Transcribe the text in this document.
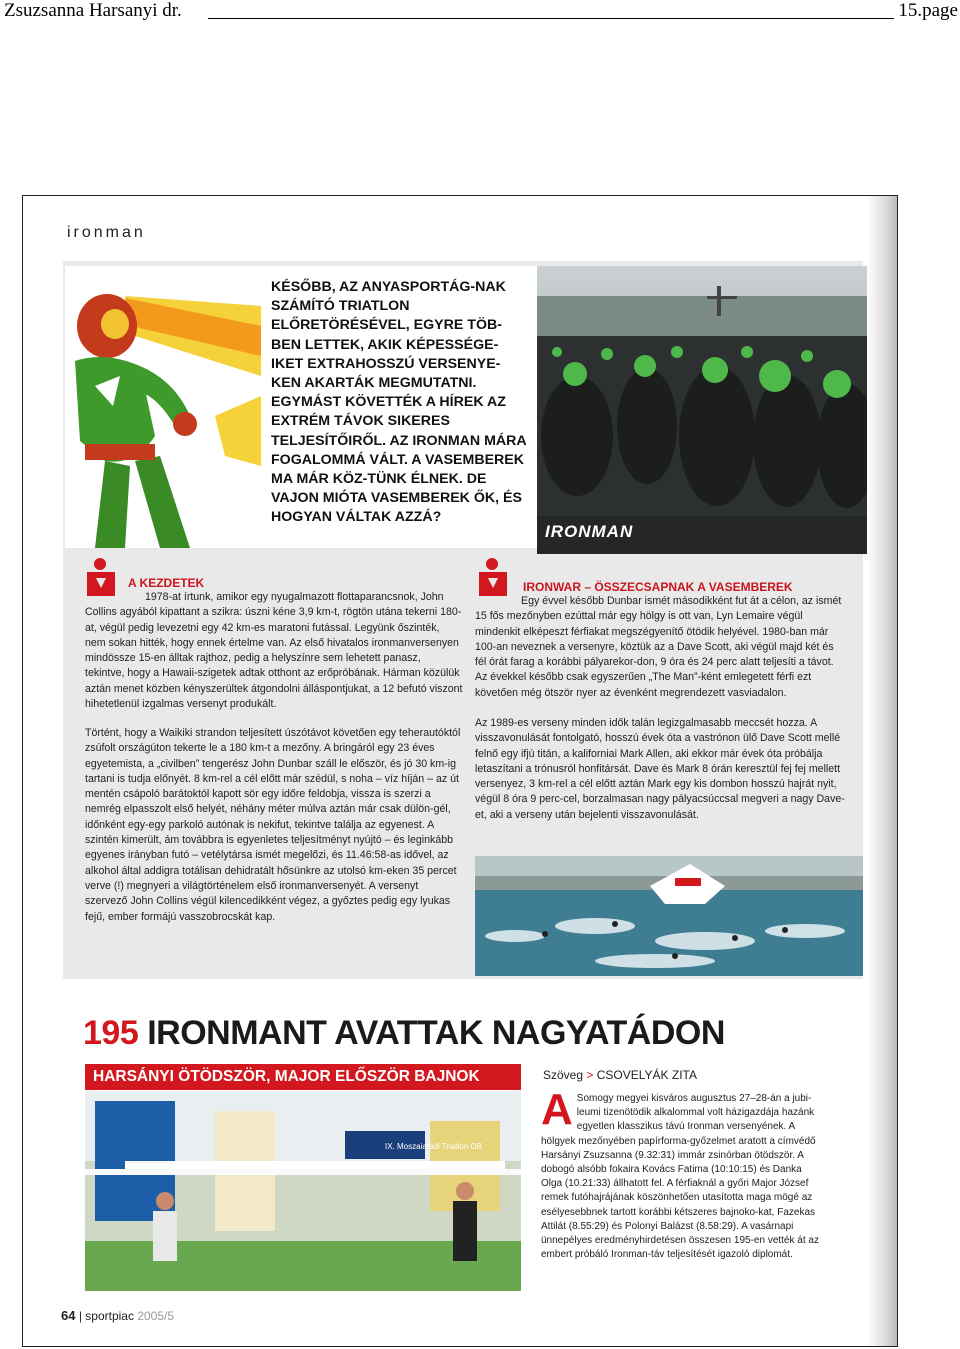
Zsuzsanna Harsanyi dr.	15.page
ironman
KÉSŐBB, AZ ANYASPORTÁG-NAK SZÁMÍTÓ TRIATLON ELŐRETÖRÉSÉVEL, EGYRE TÖB-BEN LETTEK, AKIK KÉPESSÉGE-IKET EXTRAHOSSZÚ VERSENYE-KEN AKARTÁK MEGMUTATNI. EGYMÁST KÖVETTÉK A HÍREK AZ EXTRÉM TÁVOK SIKERES TELJESÍTŐIRŐL. AZ IRONMAN MÁRA FOGALOMMÁ VÁLT. A VASEMBEREK MA MÁR KÖZ-TÜNK ÉLNEK. DE VAJON MIÓTA VASEMBEREK ŐK, ÉS HOGYAN VÁLTAK AZZÁ?
IRONMAN
A KEZDETEK

1978-at írtunk, amikor egy nyugalmazott flottaparancsnok, John Collins agyából kipattant a szikra: úszni kéne 3,9 km-t, rögtön utána tekerni 180-at, végül pedig levezetni egy 42 km-es maratoni futással. Legyünk őszinték, nem sokan hitték, hogy ennek értelme van. Az első hivatalos ironmanversenyen mindössze 15-en álltak rajthoz, pedig a helyszínre sem lehetett panasz, tekintve, hogy a Hawaii-szigetek adtak otthont az erőpróbának. Hárman közülük aztán menet közben kényszerültek átgondolni álláspontjukat, a 12 befutó viszont hihetetlenül izgalmas versenyt produkált.

Történt, hogy a Waikiki strandon teljesített úszótávot követően egy teherautóktól zsúfolt országúton tekerte le a 180 km-t a mezőny. A bringáról egy 23 éves egyetemista, a „civilben” tengerész John Dunbar száll le először, és jó 30 km-ig tartani is tudja előnyét. 8 km-rel a cél előtt már szédül, s noha – víz híján – az út mentén csápoló barátoktól kapott sör egy időre feldobja, vissza is szerzi a nemrég elpasszolt első helyét, néhány méter múlva aztán már csak dülön-gél, időnként egy-egy parkoló autónak is nekifut, tekintve találja az egyenest. A szintén kimerült, ám továbbra is egyenletes teljesítményt nyújtó – és leginkább egyenes irányban futó – vetélytársa ismét megelőzi, és 11.46:58-as idővel, az alkohol által addigra totálisan dehidratált hősünkre az utolsó km-eken 35 percet verve (!) megnyeri a világtörténelem első ironmanversenyét. A versenyt szervező John Collins végül kilencedikként végez, a győztes pedig egy lyukas fejű, ember formájú vasszobrocskát kap.

IRONWAR – ÖSSZECSAPNAK A VASEMBEREK

Egy évvel később Dunbar ismét másodikként fut át a célon, az ismét 15 fős mezőnyben ezúttal már egy hölgy is ott van, Lyn Lemaire végül mindenkit elképeszt férfiakat megszégyenítő ötödik helyével. 1980-ban már 100-an neveznek a versenyre, köztük az a Dave Scott, aki végül majd két és fél órát farag a korábbi pályarekor-don, 9 óra és 24 perc alatt teljesíti a távot. Az évekkel később csak egyszerűen „The Man”-ként emlegetett férfi ezt követően még ötször nyer az évenként megrendezett vasviadalon.

Az 1989-es verseny minden idők talán legizgalmasabb meccsét hozza. A visszavonulását fontolgató, hosszú évek óta a vastrónon ülő Dave Scott mellé felnő egy ifjú titán, a kaliforniai Mark Allen, aki ekkor már évek óta próbálja letaszítani a trónusról honfitársát. Dave és Mark 8 órán keresztül fej fej mellett versenyez, 3 km-rel a cél előtt aztán Mark egy kis dombon hosszú hajrát nyit, végül 8 óra 9 perc-cel, borzalmasan nagy pályacsúccsal megveri a nagy Dave-et, aki a verseny után bejelenti visszavonulását.

195 IRONMANT AVATTAK NAGYATÁDON
HARSÁNYI ÖTÖDSZÖR, MAJOR ELŐSZÖR BAJNOK	Szöveg > CSOVELYÁK ZITA
IX. Moszaiatádi Triatlon OB
A Somogy megyei kisváros augusztus 27–28-án a jubi-leumi tizenötödik alkalommal volt házigazdája hazánk egyetlen klasszikus távú Ironman versenyének. A hölgyek mezőnyében papírforma-győzelmet aratott a címvédő Harsányi Zsuzsanna (9.32:31) immár zsinórban ötödször. A dobogó alsóbb fokaira Kovács Fatima (10:10:15) és Danka Olga (10.21:33) állhatott fel. A férfiaknál a győri Major József remek futóhajrájának köszönhetően utasította maga mögé az esélyesebbnek tartott korábbi kétszeres bajnoko-kat, Fazekas Attilát (8.55:29) és Polonyi Balázst (8.58:29). A vasárnapi ünnepélyes eredményhirdetésen összesen 195-en vették át az embert próbáló Ironman-táv teljesítését igazoló diplomát.
64 | sportpiac 2005/5
